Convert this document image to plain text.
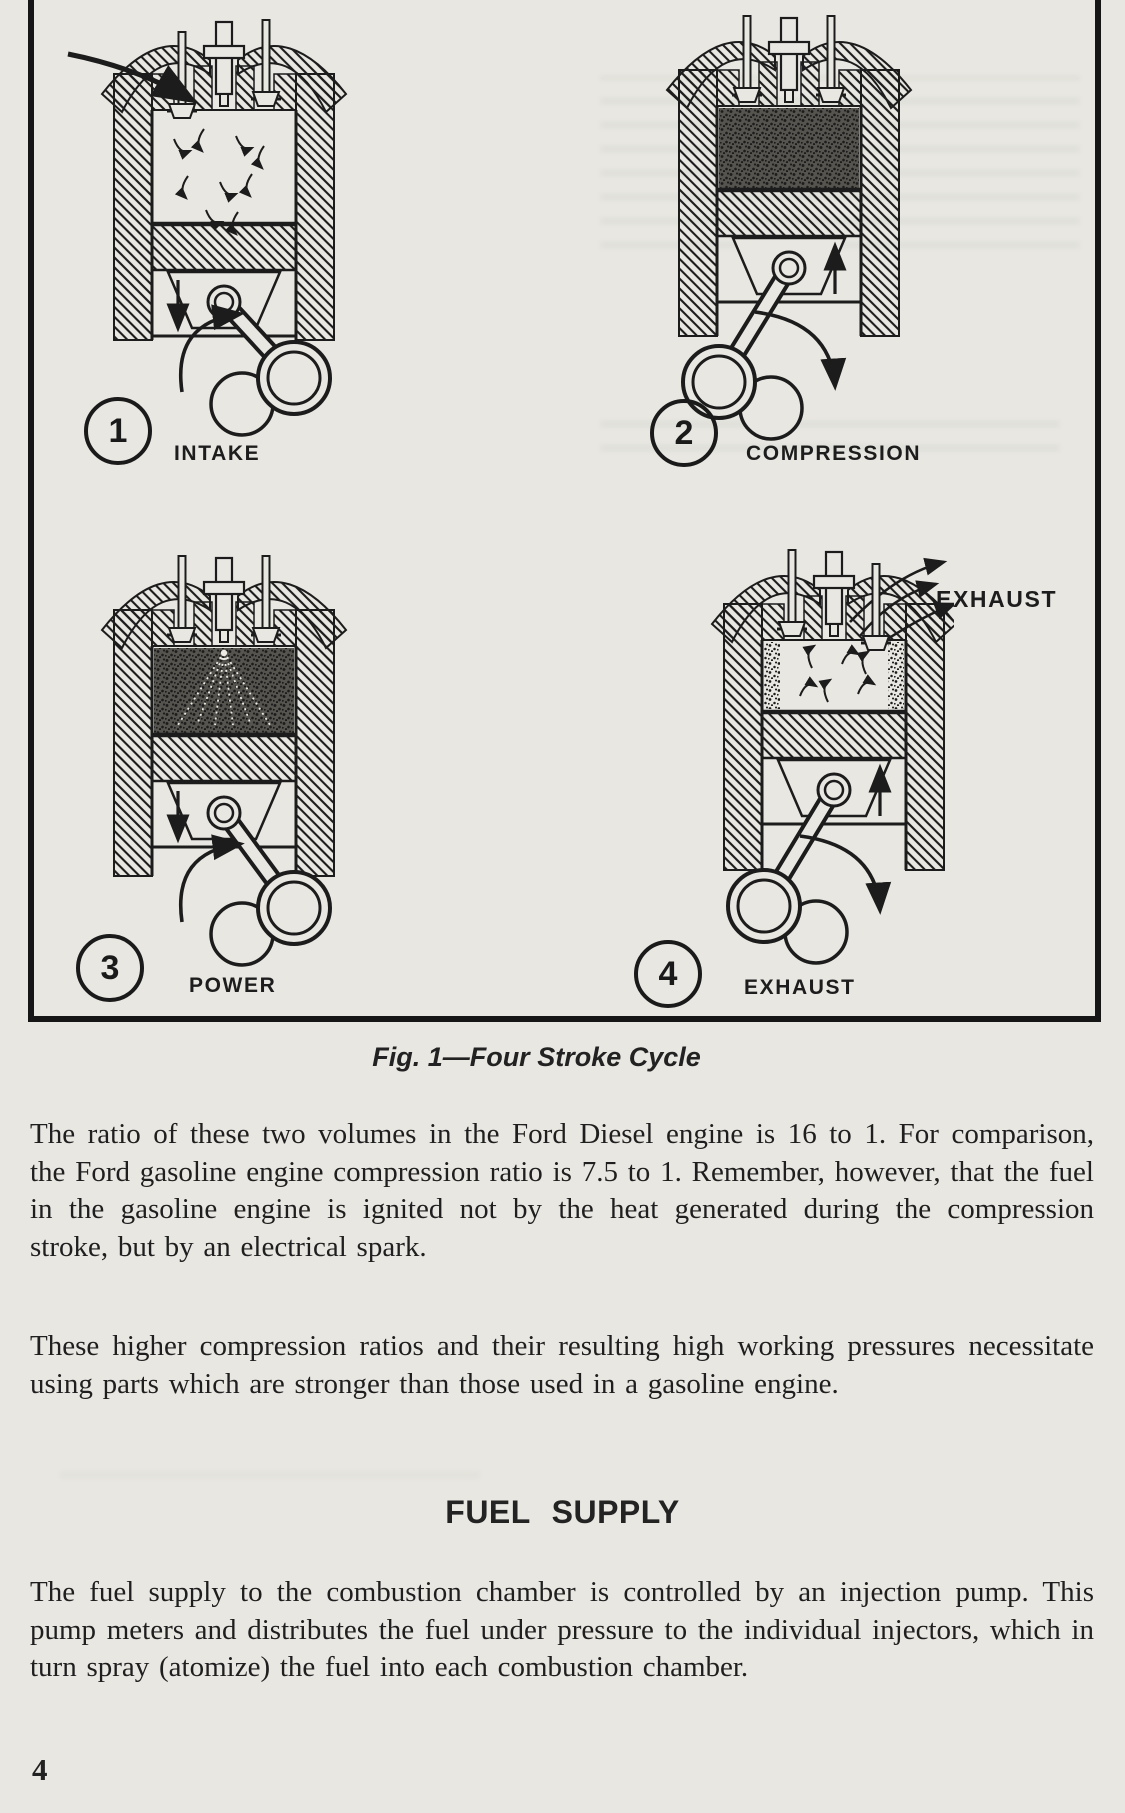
1
INTAKE
2
COMPRESSION
3	POWER	4	EXHAUST
EXHAUST
Fig. 1—Four Stroke Cycle

The ratio of these two volumes in the Ford Diesel engine is 16 to 1. For comparison, the Ford gasoline engine compression ratio is 7.5 to 1. Remember, however, that the fuel in the gasoline engine is ignited not by the heat generated during the compression stroke, but by an electrical spark.

These higher compression ratios and their resulting high working pressures necessitate using parts which are stronger than those used in a gasoline engine.

FUEL SUPPLY

The fuel supply to the combustion chamber is controlled by an injection pump. This pump meters and distributes the fuel under pressure to the individual injectors, which in turn spray (atomize) the fuel into each combustion chamber.

4
